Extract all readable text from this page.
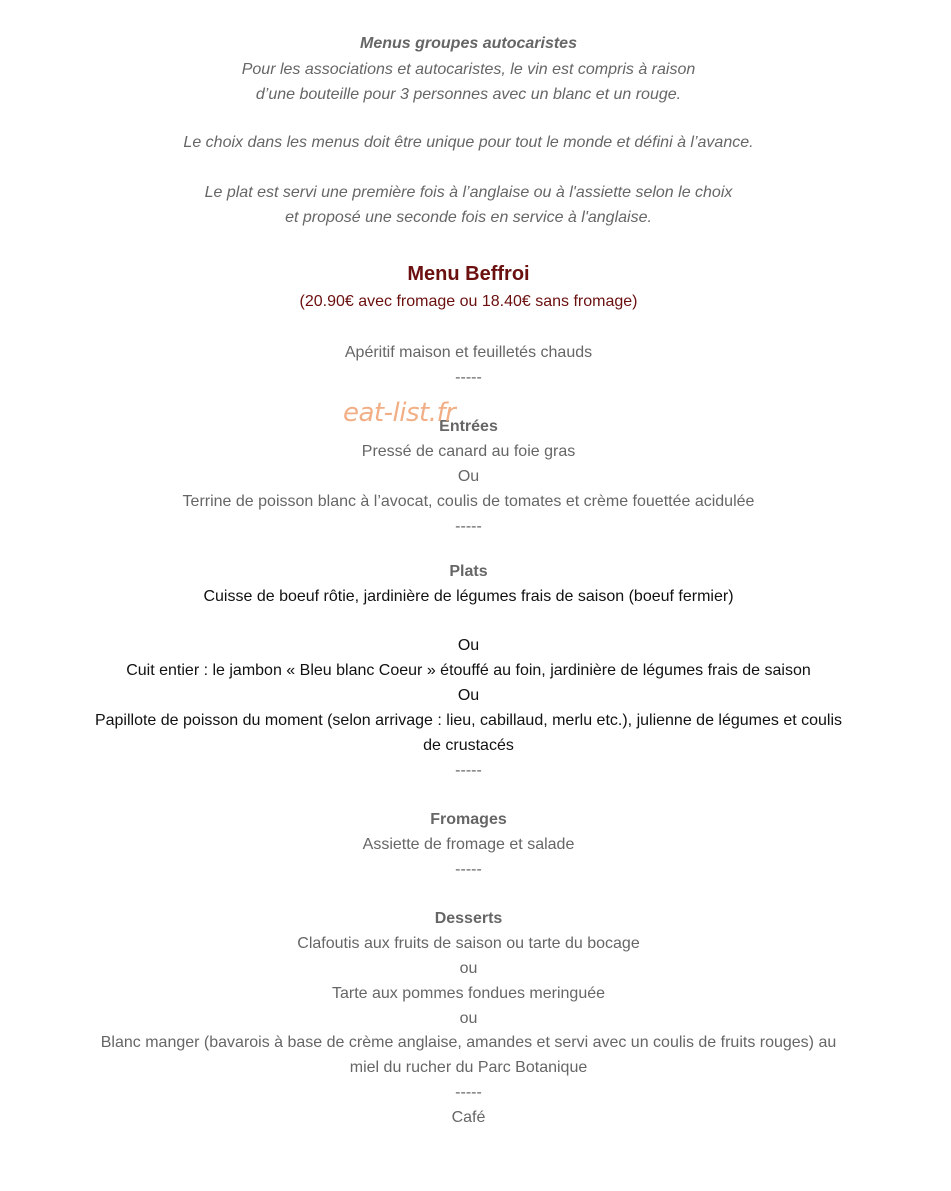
Menus groupes autocaristes
Pour les associations et autocaristes, le vin est compris à raison
d’une bouteille pour 3 personnes avec un blanc et un rouge.
Le choix dans les menus doit être unique pour tout le monde et défini à l’avance.
Le plat est servi une première fois à l’anglaise ou à l'assiette selon le choix
et proposé une seconde fois en service à l'anglaise.
Menu Beffroi
(20.90€ avec fromage ou 18.40€ sans fromage)
Apéritif maison et feuilletés chauds
-----
Entrées
Pressé de canard au foie gras
Ou
Terrine de poisson blanc à l’avocat, coulis de tomates et crème fouettée acidulée
-----
Plats
Cuisse de boeuf rôtie, jardinière de légumes frais de saison (boeuf fermier)
Ou
Cuit entier : le jambon « Bleu blanc Coeur » étouffé au foin, jardinière de légumes frais de saison
Ou
Papillote de poisson du moment (selon arrivage : lieu, cabillaud, merlu etc.), julienne de légumes et coulis
de crustacés
-----
Fromages
Assiette de fromage et salade
-----
Desserts
Clafoutis aux fruits de saison ou tarte du bocage
ou
Tarte aux pommes fondues meringuée
ou
Blanc manger (bavarois à base de crème anglaise, amandes et servi avec un coulis de fruits rouges) au
miel du rucher du Parc Botanique
-----
Café
eat-list.fr
